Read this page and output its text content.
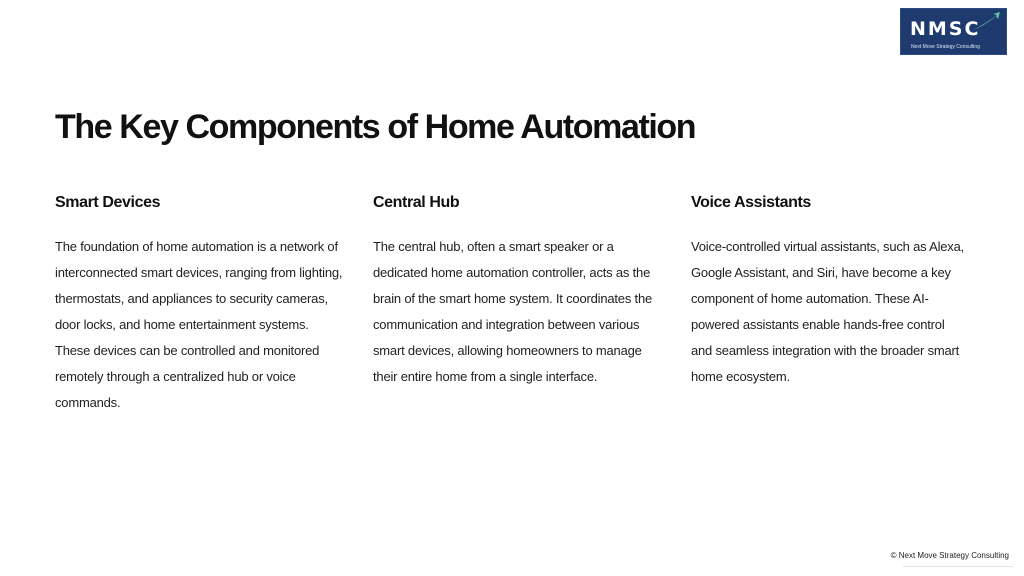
NMSC
Next Move Strategy Consulting
The Key Components of Home Automation
Smart Devices

The foundation of home automation is a network of interconnected smart devices, ranging from lighting, thermostats, and appliances to security cameras, door locks, and home entertainment systems. These devices can be controlled and monitored remotely through a centralized hub or voice commands.

Central Hub

The central hub, often a smart speaker or a dedicated home automation controller, acts as the brain of the smart home system. It coordinates the communication and integration between various smart devices, allowing homeowners to manage their entire home from a single interface.

Voice Assistants

Voice-controlled virtual assistants, such as Alexa, Google Assistant, and Siri, have become a key component of home automation. These AI-powered assistants enable hands-free control and seamless integration with the broader smart home ecosystem.

© Next Move Strategy Consulting
